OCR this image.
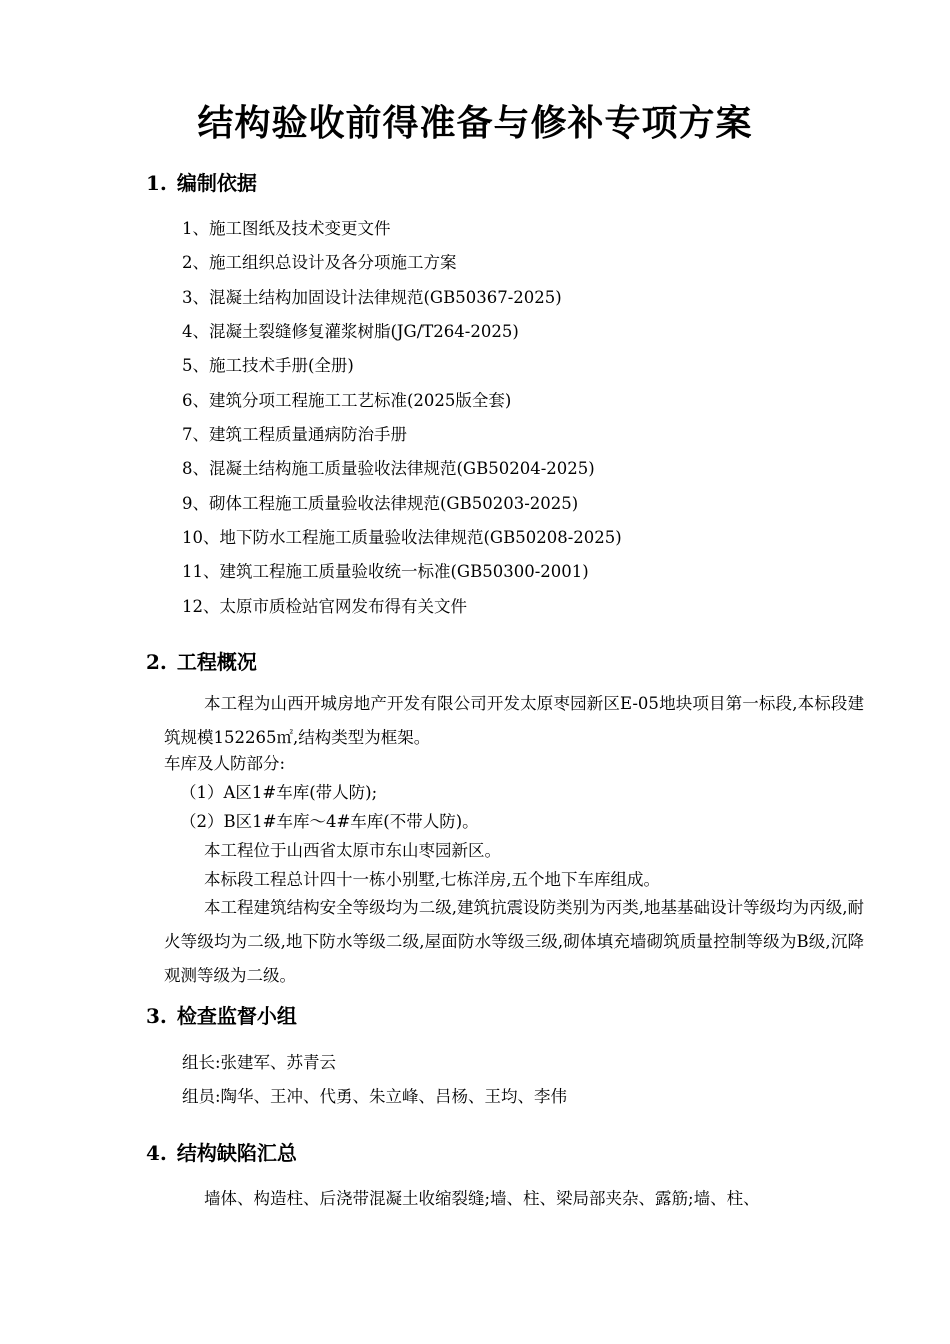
结构验收前得准备与修补专项方案
1. 编制依据
1、施工图纸及技术变更文件
2、施工组织总设计及各分项施工方案
3、混凝土结构加固设计法律规范(GB50367-2025)
4、混凝土裂缝修复灌浆树脂(JG/T264-2025)
5、施工技术手册(全册)
6、建筑分项工程施工工艺标准(2025版全套)
7、建筑工程质量通病防治手册
8、混凝土结构施工质量验收法律规范(GB50204-2025)
9、砌体工程施工质量验收法律规范(GB50203-2025)
10、地下防水工程施工质量验收法律规范(GB50208-2025)
11、建筑工程施工质量验收统一标准(GB50300-2001)
12、太原市质检站官网发布得有关文件
2. 工程概况
本工程为山西开城房地产开发有限公司开发太原枣园新区E-05地块项目第一标段,本标段建筑规模152265㎡,结构类型为框架。
车库及人防部分:
（1）A区1#车库(带人防);
（2）B区1#车库～4#车库(不带人防)。
本工程位于山西省太原市东山枣园新区。
本标段工程总计四十一栋小别墅,七栋洋房,五个地下车库组成。
本工程建筑结构安全等级均为二级,建筑抗震设防类别为丙类,地基基础设计等级均为丙级,耐火等级均为二级,地下防水等级二级,屋面防水等级三级,砌体填充墙砌筑质量控制等级为B级,沉降观测等级为二级。
3. 检查监督小组
组长:张建军、苏青云
组员:陶华、王冲、代勇、朱立峰、吕杨、王均、李伟
4. 结构缺陷汇总
墙体、构造柱、后浇带混凝土收缩裂缝;墙、柱、梁局部夹杂、露筋;墙、柱、
